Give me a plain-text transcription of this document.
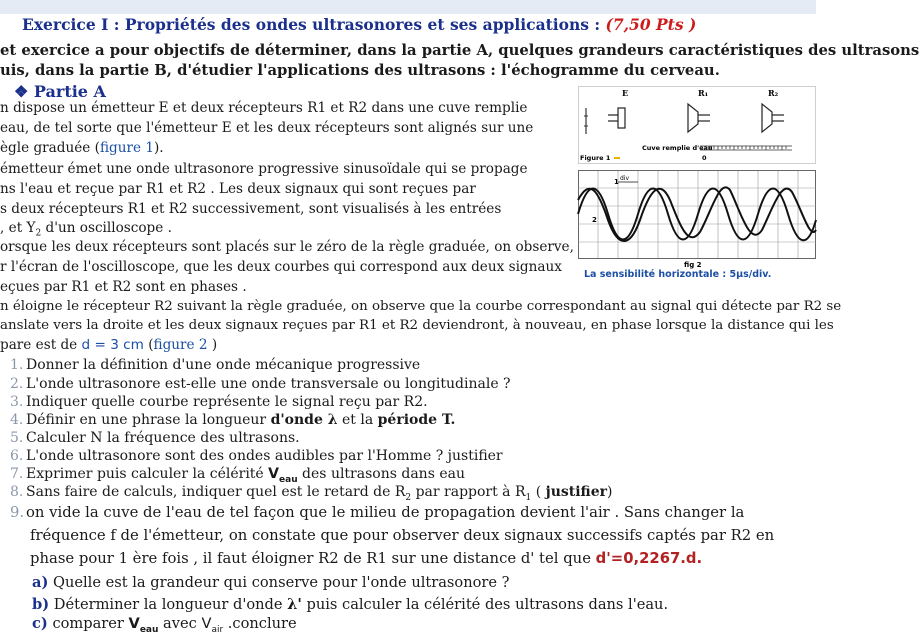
Exercice I : Propriétés des ondes ultrasonores et ses applications : (7,50 Pts )
et exercice a pour objectifs de déterminer, dans la partie A, quelques grandeurs caractéristiques des ultrasons
uis, dans la partie B, d'étudier l'applications des ultrasons : l'échogramme du cerveau.
❖ Partie A
n dispose un émetteur E et deux récepteurs R1 et R2 dans une cuve remplie
eau, de tel sorte que l'émetteur E et les deux récepteurs sont alignés sur une
ègle graduée (figure 1).
émetteur émet une onde ultrasonore progressive sinusoïdale qui se propage
ns l'eau et reçue par R1 et R2 . Les deux signaux qui sont reçues par
s deux récepteurs R1 et R2 successivement, sont visualisés à les entrées
, et $Y_2$ d'un oscilloscope .
orsque les deux récepteurs sont placés sur le zéro de la règle graduée, on observe,
r l'écran de l'oscilloscope, que les deux courbes qui correspond aux deux signaux
eçues par R1 et R2 sont en phases .
n éloigne le récepteur R2 suivant la règle graduée, on observe que la courbe correspondant au signal qui détecte par R2 se
anslate vers la droite et les deux signaux reçues par R1 et R2 deviendront, à nouveau, en phase lorsque la distance qui les
pare est de d = 3 cm (figure 2 )
E	R₁	R₂
Cuve remplie d'eau
Figure 1	0
div
1
2
fig 2
La sensibilité horizontale : 5μs/div.
1. Donner la définition d'une onde mécanique progressive
2. L'onde ultrasonore est-elle une onde transversale ou longitudinale ?
3. Indiquer quelle courbe représente le signal reçu par R2.
4. Définir en une phrase la longueur d'onde λ et la période T.
5. Calculer N la fréquence des ultrasons.
6. L'onde ultrasonore sont des ondes audibles par l'Homme ? justifier
7. Exprimer puis calculer la célérité $V_{eau}$ des ultrasons dans eau
8. Sans faire de calculs, indiquer quel est le retard de $R_2$ par rapport à $R_1$ ( justifier)
9. on vide la cuve de l'eau de tel façon que le milieu de propagation devient l'air . Sans changer la
fréquence f de l'émetteur, on constate que pour observer deux signaux successifs captés par R2 en
phase pour 1 ère fois , il faut éloigner R2 de R1 sur une distance d' tel que d'=0,2267.d.
a) Quelle est la grandeur qui conserve pour l'onde ultrasonore ?
b) Déterminer la longueur d'onde λ' puis calculer la célérité des ultrasons dans l'eau.
c) comparer $V_{eau}$ avec $V_{air}$ .conclure
